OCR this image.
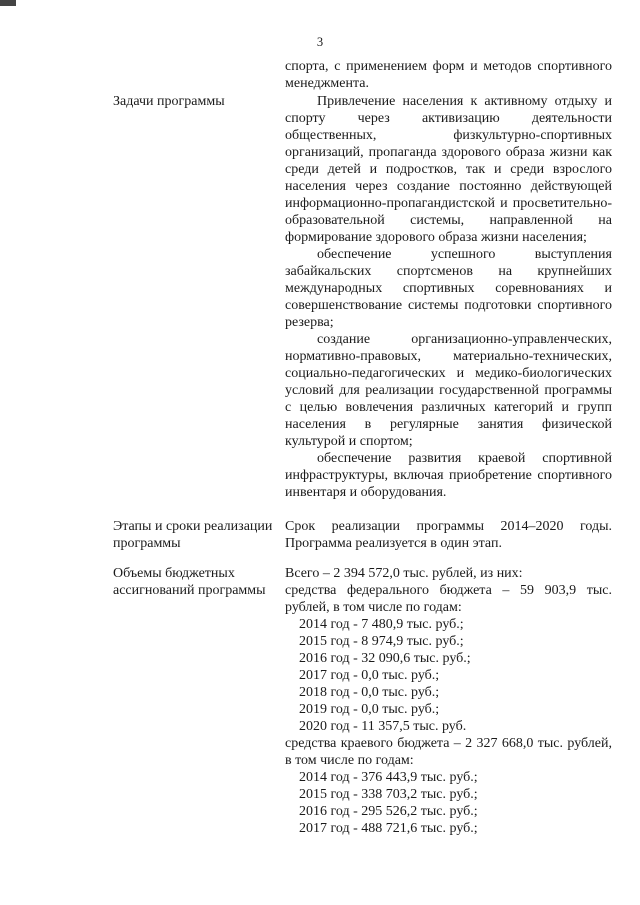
3

спорта, с применением форм и методов спортивного менеджмента.

Задачи программы	Привлечение населения к активному отдыху и спорту через активизацию деятельности общественных, физкультурно-спортивных организаций, пропаганда здорового образа жизни как среди детей и подростков, так и среди взрослого населения через создание постоянно действующей информационно-пропагандистской и просветительно-образовательной системы, направленной на формирование здорового образа жизни населения;

обеспечение успешного выступления забайкальских спортсменов на крупнейших международных спортивных соревнованиях и совершенствование системы подготовки спортивного резерва;

создание организационно-управленческих, нормативно-правовых, материально-технических, социально-педагогических и медико-биологических условий для реализации государственной программы с целью вовлечения различных категорий и групп населения в регулярные занятия физической культурой и спортом;

обеспечение развития краевой спортивной инфраструктуры, включая приобретение спортивного инвентаря и оборудования.

Этапы и сроки реализации программы

Срок реализации программы 2014–2020 годы. Программа реализуется в один этап.

Объемы бюджетных ассигнований программы

Всего – 2 394 572,0 тыс. рублей, из них:

средства федерального бюджета – 59 903,9 тыс. рублей, в том числе по годам:

2014 год - 7 480,9 тыс. руб.;

2015 год - 8 974,9 тыс. руб.;

2016 год - 32 090,6 тыс. руб.;

2017 год - 0,0 тыс. руб.;

2018 год - 0,0 тыс. руб.;

2019 год - 0,0 тыс. руб.;

2020 год - 11 357,5 тыс. руб.

средства краевого бюджета – 2 327 668,0 тыс. рублей, в том числе по годам:

2014 год - 376 443,9 тыс. руб.;

2015 год - 338 703,2 тыс. руб.;

2016 год - 295 526,2 тыс. руб.;

2017 год - 488 721,6 тыс. руб.;
